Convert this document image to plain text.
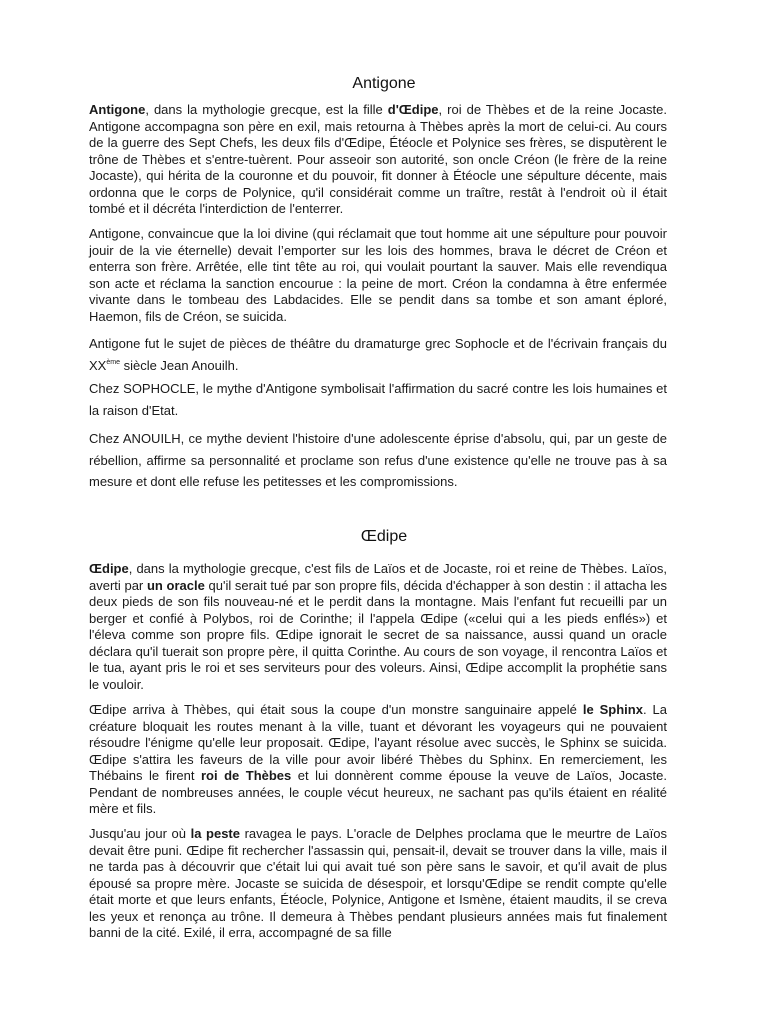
Antigone

Antigone, dans la mythologie grecque, est la fille d'Œdipe, roi de Thèbes et de la reine Jocaste. Antigone accompagna son père en exil, mais retourna à Thèbes après la mort de celui-ci. Au cours de la guerre des Sept Chefs, les deux fils d'Œdipe, Étéocle et Polynice ses frères, se disputèrent le trône de Thèbes et s'entre-tuèrent. Pour asseoir son autorité, son oncle Créon (le frère de la reine Jocaste), qui hérita de la couronne et du pouvoir, fit donner à Étéocle une sépulture décente, mais ordonna que le corps de Polynice, qu'il considérait comme un traître, restât à l'endroit où il était tombé et il décréta l'interdiction de l'enterrer.

Antigone, convaincue que la loi divine (qui réclamait que tout homme ait une sépulture pour pouvoir jouir de la vie éternelle) devait l’emporter sur les lois des hommes, brava le décret de Créon et enterra son frère. Arrêtée, elle tint tête au roi, qui voulait pourtant la sauver. Mais elle revendiqua son acte et réclama la sanction encourue : la peine de mort. Créon la condamna à être enfermée vivante dans le tombeau des Labdacides. Elle se pendit dans sa tombe et son amant éploré, Haemon, fils de Créon, se suicida.

Antigone fut le sujet de pièces de théâtre du dramaturge grec Sophocle et de l'écrivain français du XXème siècle Jean Anouilh.

Chez SOPHOCLE, le mythe d'Antigone symbolisait l'affirmation du sacré contre les lois humaines et la raison d'Etat.

Chez ANOUILH, ce mythe devient l'histoire d'une adolescente éprise d'absolu, qui, par un geste de rébellion, affirme sa personnalité et proclame son refus d'une existence qu'elle ne trouve pas à sa mesure et dont elle refuse les petitesses et les compromissions.

Œdipe

Œdipe, dans la mythologie grecque, c'est fils de Laïos et de Jocaste, roi et reine de Thèbes. Laïos, averti par un oracle qu'il serait tué par son propre fils, décida d'échapper à son destin : il attacha les deux pieds de son fils nouveau-né et le perdit dans la montagne. Mais l'enfant fut recueilli par un berger et confié à Polybos, roi de Corinthe; il l'appela Œdipe («celui qui a les pieds enflés») et l'éleva comme son propre fils. Œdipe ignorait le secret de sa naissance, aussi quand un oracle déclara qu'il tuerait son propre père, il quitta Corinthe. Au cours de son voyage, il rencontra Laïos et le tua, ayant pris le roi et ses serviteurs pour des voleurs. Ainsi, Œdipe accomplit la prophétie sans le vouloir.

Œdipe arriva à Thèbes, qui était sous la coupe d'un monstre sanguinaire appelé le Sphinx. La créature bloquait les routes menant à la ville, tuant et dévorant les voyageurs qui ne pouvaient résoudre l'énigme qu'elle leur proposait. Œdipe, l'ayant résolue avec succès, le Sphinx se suicida. Œdipe s'attira les faveurs de la ville pour avoir libéré Thèbes du Sphinx. En remerciement, les Thébains le firent roi de Thèbes et lui donnèrent comme épouse la veuve de Laïos, Jocaste. Pendant de nombreuses années, le couple vécut heureux, ne sachant pas qu'ils étaient en réalité mère et fils.

Jusqu'au jour où la peste ravagea le pays. L'oracle de Delphes proclama que le meurtre de Laïos devait être puni. Œdipe fit rechercher l'assassin qui, pensait-il, devait se trouver dans la ville, mais il ne tarda pas à découvrir que c'était lui qui avait tué son père sans le savoir, et qu'il avait de plus épousé sa propre mère. Jocaste se suicida de désespoir, et lorsqu'Œdipe se rendit compte qu'elle était morte et que leurs enfants, Étéocle, Polynice, Antigone et Ismène, étaient maudits, il se creva les yeux et renonça au trône. Il demeura à Thèbes pendant plusieurs années mais fut finalement banni de la cité. Exilé, il erra, accompagné de sa fille
